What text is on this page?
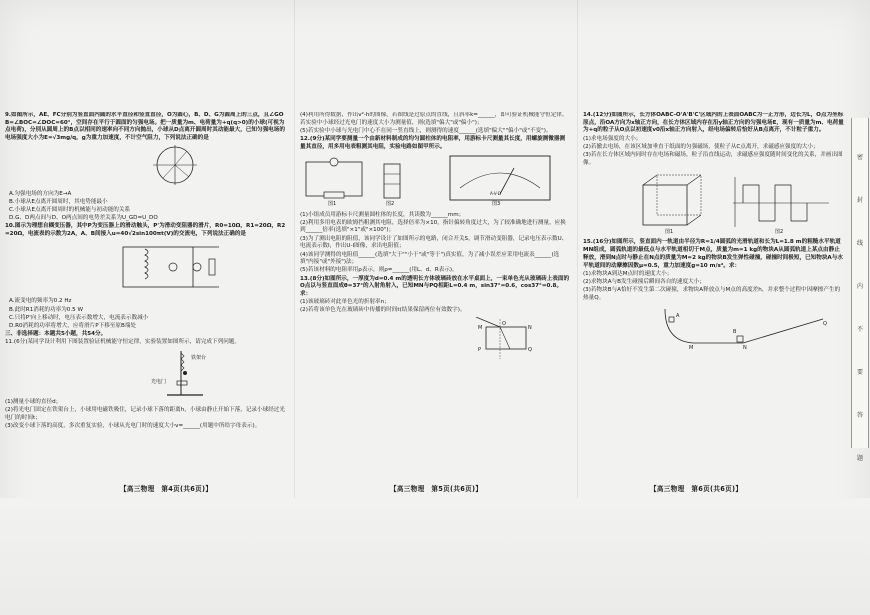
9.如图所示，AE、FC分别为竖直面内圆的水平直径和竖直直径，O为圆心，B、D、G为圆周上的三点，且∠GOB=∠BOC=∠DOC=60°，空间存在平行于圆面的匀强电场。把一质量为m、电荷量为+q(q>0)的小球(可视为点电荷)，分别从圆周上的B点以相同的速率向不同方向抛出，小球从D点离开圆周时其动能最大，已知匀强电场的电场强度大小为E=√3mg/q，g为重力加速度，不计空气阻力，下列说法正确的是

A.匀强电场的方向为E→A

B.小球从E点离开圆周时，其电势能最小

C.小球从E点离开圆周时的机械能与初动能的关系

D.G、D两点间与D、O两点间的电势差关系为U_GD=U_DO

10.图示为理想自耦变压器，其中P为变压器上的滑动触头，P'为滑动变阻器的滑片，R0=10Ω，R1=20Ω，R2=20Ω，电流表的示数为2A，A、B间接入u=40√2sin100πt(V)的交流电，下列说法正确的是

A.流变电的频率为0.2 Hz

B.此时R1消耗的功率为0.5 W

C.只将P'向上移动时，电压表示数增大，电流表示数减小

D.R0消耗的功率将增大，应将滑片P下移至原B端处

三、非选择题：本题共5小题，共54分。

11.(6分)某同学设计利用下图装置验证机械能守恒定律，实验装置如图所示，请完成下列问题。

铁架台
光电门

(1)测量小球的直径d；

(2)将光电门固定在铁架台上，小球用电磁铁吸住，记录小球下落的距离h，小球由静止开始下落，记录小球经过光电门的时间t；

(3)改变小球下落的高度，多次重复实验，小球从光电门时的速度大小v=______(用题中所给字母表示)。

(4)利用所得数据，作出v²-h的图像，若图线是过原点的直线，且斜率k=______，即可验证机械能守恒定律。若实验中小球经过光电门的速度大小为测量值，则(选填"偏大"或"偏小")；

(5)若实验中小球与光电门中心不在同一竖直线上，则测得的速度______(选填"偏大""偏小"或"不变")。

12.(9分)某同学要测量一个由新材料制成的均匀圆柱体的电阻率，用游标卡尺测量其长度，用螺旋测微器测量其直径，用多用电表粗测其电阻，实验电路如图甲所示。

图1	图2	图3
A-V-Ω

(1)小组成员用游标卡尺测量圆柱体的长度，其读数为______mm；

(2)利用多用电表的欧姆挡粗测其电阻，选择倍率为×10，指针偏转角度过大，为了较准确地进行测量，应换到______倍率(选填"×1"或"×100")；

(3)为了测出电阻的阻值，该同学设计了如图所示的电路，闭合开关S，调节滑动变阻器，记录电压表示数U、电流表示数I，作出U-I图像，求出电阻值；

(4)该同学测得的电阻值______(选填"大于""小于"或"等于")真实值，为了减小误差应采用电流表______(选填"内接"或"外接")法；

(5)若该材料的电阻率用ρ表示，则ρ=______(用L、d、R表示)。

13.(8分)如图所示，一厚度为d=0.4 m的透明长方体玻璃砖放在水平桌面上，一束单色光从玻璃砖上表面的O点以与竖直面成θ=37°的入射角射入，已知MN与PQ相距L=0.4 m，sin37°=0.6，cos37°=0.8。求：

(1)该玻璃砖对此单色光的折射率n；

(2)若将该单色光在玻璃砖中传播的时间t(结果保留两位有效数字)。

M	N
O
P	Q

14.(12分)如图所示，长方体OABC-O'A'B'C'区域内的上表面OABC为一正方形，边长为L，O点为坐标原点，沿OA方向为x轴正方向，在长方体区域内存在沿y轴正方向的匀强电场E，现有一质量为m、电荷量为+q的粒子从O点以初速度v0沿x轴正方向射入，经电场偏转后恰好从B点离开，不计粒子重力。

(1)求电场强度的大小；

(2)若撤去电场，在该区域加垂直于纸面的匀强磁场，使粒子从C点离开，求磁感应强度的大小；

(3)若在长方体区域内同时存在电场和磁场，粒子沿直线运动，求磁感应强度随时间变化的关系，并画出图像。

图1	图2

15.(16分)如图所示，竖直面内一轨道由半径为R=1/4圆弧的光滑轨道和长为L=1.8 m的粗糙水平轨道MN组成，圆弧轨道的最低点与水平轨道相切于M点，质量为m=1 kg的物块A从圆弧轨道上某点由静止释放，滑到N点时与静止在N点的质量为M=2 kg的物块B发生弹性碰撞，碰撞时间极短，已知物块A与水平轨道间的动摩擦因数μ=0.5，重力加速度g=10 m/s²。求：

(1)求物块A到达M点时的速度大小；

(2)求物块A与B发生碰撞后瞬间各自的速度大小；

(3)若物块B与A恰好不发生第二次碰撞，求物块A释放点与M点的高度差h，并求整个过程中因摩擦产生的热量Q。

A
M	N
B
Q
【高三物理　第4页(共6页)】	【高三物理　第5页(共6页)】	【高三物理　第6页(共6页)】
密
封
线
内
不
要
答
题
